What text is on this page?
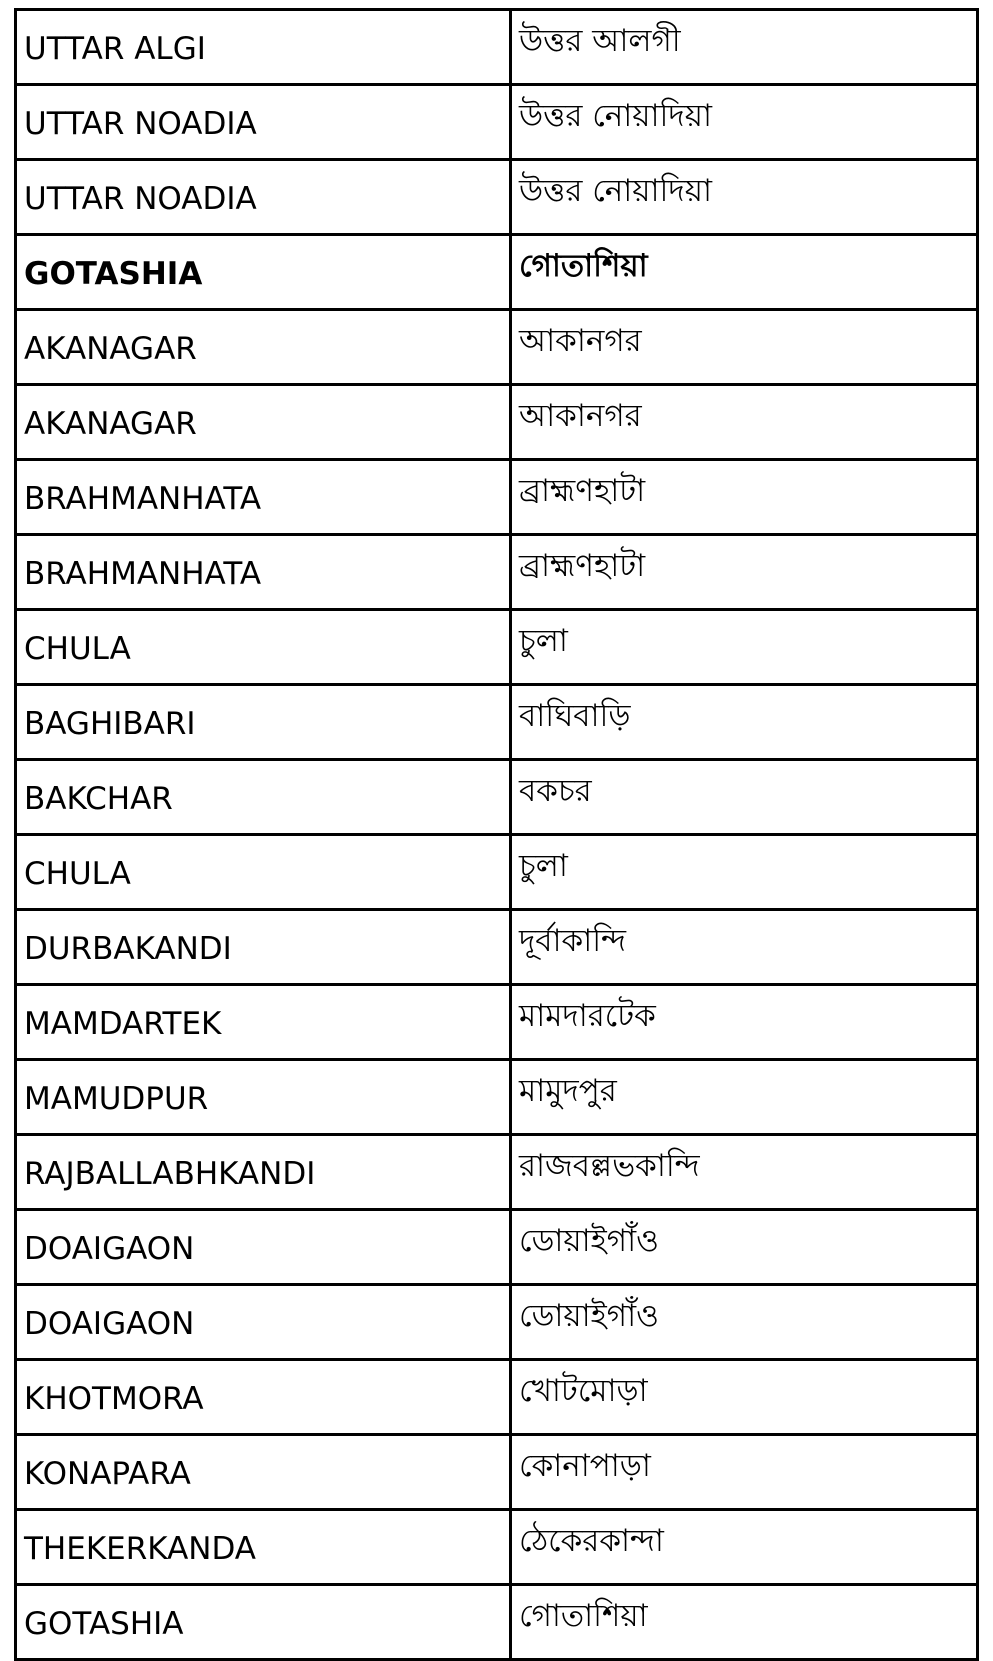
UTTAR ALGI	উত্তর আলগী
UTTAR NOADIA	উত্তর নোয়াদিয়া
UTTAR NOADIA	উত্তর নোয়াদিয়া
GOTASHIA	গোতাশিয়া
AKANAGAR	আকানগর
AKANAGAR	আকানগর
BRAHMANHATA	ব্রাহ্মণহাটা
BRAHMANHATA	ব্রাহ্মণহাটা
CHULA	চুলা
BAGHIBARI	বাঘিবাড়ি
BAKCHAR	বকচর
CHULA	চুলা
DURBAKANDI	দূর্বাকান্দি
MAMDARTEK	মামদারটেক
MAMUDPUR	মামুদপুর
RAJBALLABHKANDI	রাজবল্লভকান্দি
DOAIGAON	ডোয়াইগাঁও
DOAIGAON	ডোয়াইগাঁও
KHOTMORA	খোটমোড়া
KONAPARA	কোনাপাড়া
THEKERKANDA	ঠেকেরকান্দা
GOTASHIA	গোতাশিয়া
